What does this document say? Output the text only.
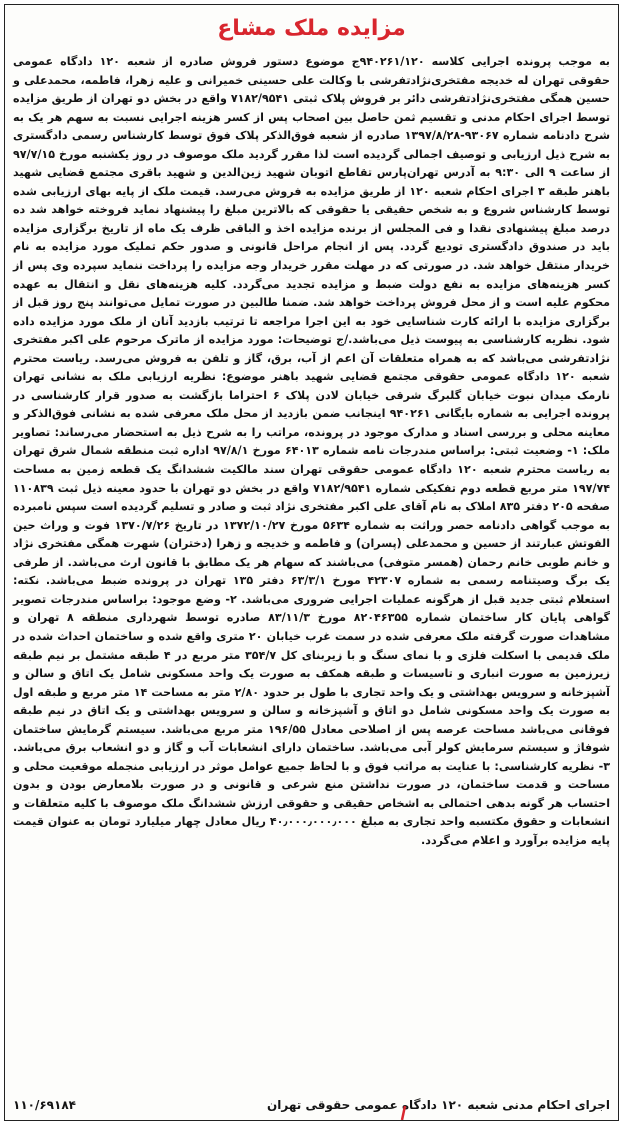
مزایده ملک مشاع
به موجب پرونده اجرایی کلاسه ۹۴۰۲۶۱/۱۲۰ج موضوع دستور فروش صادره از شعبه ۱۲۰ دادگاه عمومی حقوقی تهران له خدیجه مفتخری‌نژادتفرشی با وکالت علی حسینی خمیرانی و علیه زهرا، فاطمه، محمدعلی و حسین همگی مفتخری‌نژادتفرشی دائر بر فروش پلاک ثبتی ۷۱۸۲/۹۵۴۱ واقع در بخش دو تهران از طریق مزایده توسط اجرای احکام مدنی و تقسیم ثمن حاصل بین اصحاب پس از کسر هزینه اجرایی نسبت به سهم هر یک به شرح دادنامه شماره ۹۳۰۶۷-۱۳۹۷/۸/۲۸ صادره از شعبه فوق‌الذکر پلاک فوق توسط کارشناس رسمی دادگستری به شرح ذیل ارزیابی و توصیف اجمالی گردیده است لذا مقرر گردید ملک موصوف در روز یکشنبه مورخ ۹۷/۷/۱۵ از ساعت ۹ الی ۹:۳۰ به آدرس تهران‌پارس تقاطع اتوبان شهید زین‌الدین و شهید باقری مجتمع قضایی شهید باهنر طبقه ۳ اجرای احکام شعبه ۱۲۰ از طریق مزایده به فروش می‌رسد. قیمت ملک از پایه بهای ارزیابی شده توسط کارشناس شروع و به شخص حقیقی یا حقوقی که بالاترین مبلغ را پیشنهاد نماید فروخته خواهد شد ده درصد مبلغ پیشنهادی نقدا و فی المجلس از برنده مزایده اخذ و الباقی ظرف یک ماه از تاریخ برگزاری مزایده باید در صندوق دادگستری تودیع گردد. پس از انجام مراحل قانونی و صدور حکم تملیک مورد مزایده به نام خریدار منتقل خواهد شد. در صورتی که در مهلت مقرر خریدار وجه مزایده را پرداخت ننماید سپرده وی پس از کسر هزینه‌های مزایده به نفع دولت ضبط و مزایده تجدید می‌گردد. کلیه هزینه‌های نقل و انتقال به عهده محکوم علیه است و از محل فروش پرداخت خواهد شد. ضمنا طالبین در صورت تمایل می‌توانند پنج روز قبل از برگزاری مزایده با ارائه کارت شناسایی خود به این اجرا مراجعه تا ترتیب بازدید آنان از ملک مورد مزایده داده شود. نظریه کارشناسی به پیوست ذیل می‌باشد./ج توضیحات: مورد مزایده از ماترک مرحوم علی اکبر مفتخری نژادتفرشی می‌باشد که به همراه متعلقات آن اعم از آب، برق، گاز و تلفن به فروش می‌رسد. ریاست محترم شعبه ۱۲۰ دادگاه عمومی حقوقی مجتمع قضایی شهید باهنر موضوع: نظریه ارزیابی ملک به نشانی تهران نارمک میدان نبوت خیابان گلبرگ شرقی خیابان لادن پلاک ۶ احتراما بازگشت به صدور قرار کارشناسی در پرونده اجرایی به شماره بایگانی ۹۴۰۲۶۱ اینجانب ضمن بازدید از محل ملک معرفی شده به نشانی فوق‌الذکر و معاینه محلی و بررسی اسناد و مدارک موجود در پرونده، مراتب را به شرح ذیل به استحضار می‌رساند: تصاویر ملک: ۱- وضعیت ثبتی: براساس مندرجات نامه شماره ۶۴۰۱۳ مورخ ۹۷/۸/۱ اداره ثبت منطقه شمال شرق تهران به ریاست محترم شعبه ۱۲۰ دادگاه عمومی حقوقی تهران سند مالکیت ششدانگ یک قطعه زمین به مساحت ۱۹۷/۷۴ متر مربع قطعه دوم تفکیکی شماره ۷۱۸۲/۹۵۴۱ واقع در بخش دو تهران با حدود معینه ذیل ثبت ۱۱۰۸۳۹ صفحه ۲۰۵ دفتر ۸۳۵ املاک به نام آقای علی اکبر مفتخری نژاد ثبت و صادر و تسلیم گردیده است سپس نامبرده به موجب گواهی دادنامه حصر وراثت به شماره ۵۶۳۴ مورخ ۱۳۷۲/۱۰/۲۷ در تاریخ ۱۳۷۰/۷/۲۶ فوت و وراث حین الفوتش عبارتند از حسین و محمدعلی (پسران) و فاطمه و خدیجه و زهرا (دختران) شهرت همگی مفتخری نژاد و خانم طوبی خانم رحمان (همسر متوفی) می‌باشند که سهام هر یک مطابق با قانون ارث می‌باشد. از طرفی یک برگ وصیتنامه رسمی به شماره ۴۲۳۰۷ مورخ ۶۳/۳/۱ دفتر ۱۳۵ تهران در پرونده ضبط می‌باشد. نکته: استعلام ثبتی جدید قبل از هرگونه عملیات اجرایی ضروری می‌باشد. ۲- وضع موجود: براساس مندرجات تصویر گواهی پایان کار ساختمان شماره ۸۲۰۴۶۳۵۵ مورخ ۸۳/۱۱/۳ صادره توسط شهرداری منطقه ۸ تهران و مشاهدات صورت گرفته ملک معرفی شده در سمت غرب خیابان ۲۰ متری واقع شده و ساختمان احداث شده در ملک قدیمی با اسکلت فلزی و با نمای سنگ و با زیربنای کل ۳۵۴/۷ متر مربع در ۴ طبقه مشتمل بر نیم طبقه زیرزمین به صورت انباری و تاسیسات و طبقه همکف به صورت یک واحد مسکونی شامل یک اتاق و سالن و آشپزخانه و سرویس بهداشتی و یک واحد تجاری با طول بر حدود ۲/۸۰ متر به مساحت ۱۴ متر مربع و طبقه اول به صورت یک واحد مسکونی شامل دو اتاق و آشپزخانه و سالن و سرویس بهداشتی و یک اتاق در نیم طبقه فوقانی می‌باشد مساحت عرصه پس از اصلاحی معادل ۱۹۶/۵۵ متر مربع می‌باشد. سیستم گرمایش ساختمان شوفاژ و سیستم سرمایش کولر آبی می‌باشد. ساختمان دارای انشعابات آب و گاز و دو انشعاب برق می‌باشد. ۳- نظریه کارشناسی: با عنایت به مراتب فوق و با لحاظ جمیع عوامل موثر در ارزیابی منجمله موقعیت محلی و مساحت و قدمت ساختمان، در صورت نداشتن منع شرعی و قانونی و در صورت بلامعارض بودن و بدون احتساب هر گونه بدهی احتمالی به اشخاص حقیقی و حقوقی ارزش ششدانگ ملک موصوف با کلیه متعلقات و انشعابات و حقوق مکتسبه واحد تجاری به مبلغ ۴۰٫۰۰۰٫۰۰۰٫۰۰۰ ریال معادل چهار میلیارد تومان به عنوان قیمت پایه مزایده برآورد و اعلام می‌گردد.
اجرای احکام مدنی شعبه ۱۲۰ دادگاه عمومی حقوقی تهران
۱۱۰/۶۹۱۸۴
